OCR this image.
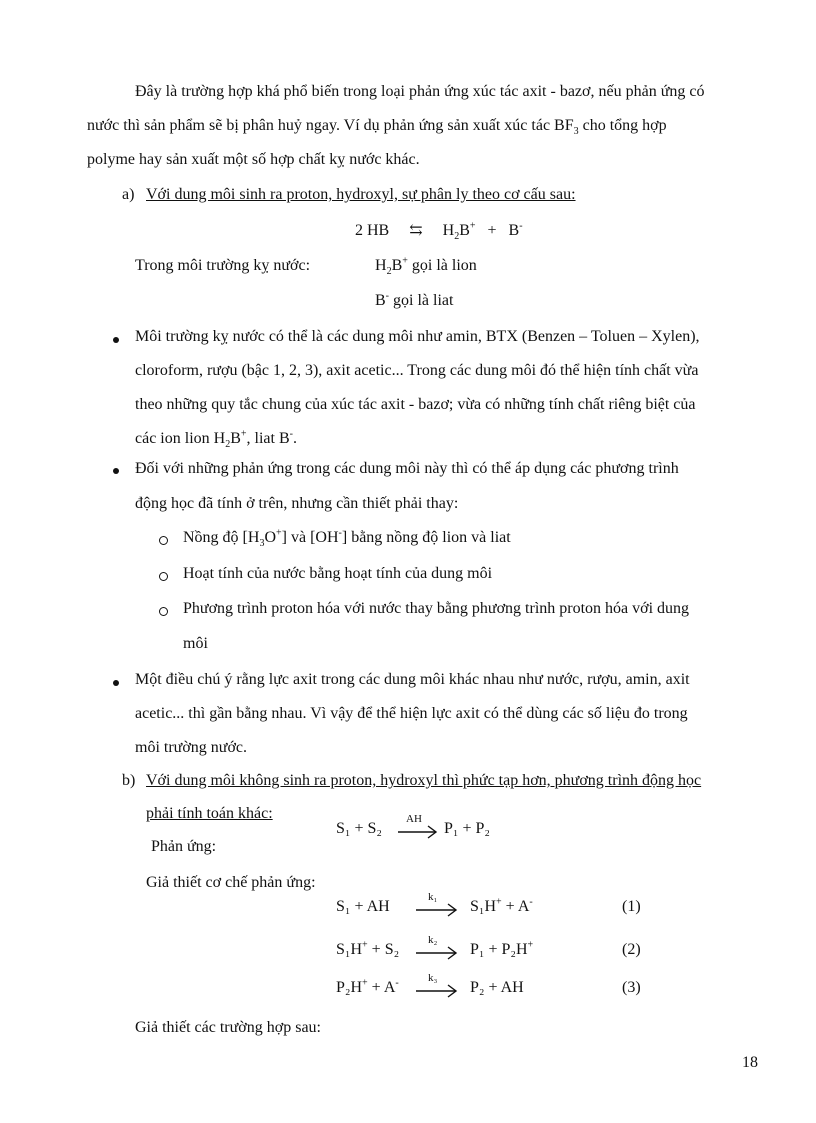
Đây là trường hợp khá phổ biến trong loại phản ứng xúc tác axit - bazơ, nếu phản ứng có
nước thì sản phẩm sẽ bị phân huỷ ngay. Ví dụ phản ứng sản xuất xúc tác $BF_3$ cho tổng hợp
polyme hay sản xuất một số hợp chất kỵ nước khác.
a) Với dung môi sinh ra proton, hydroxyl, sự phân ly theo cơ cấu sau:
2 HB ⇆ $H_2B^+ + B^-$
Trong môi trường kỵ nước:	$H_2B^+$ gọi là lion
B- gọi là liat
Môi trường kỵ nước có thể là các dung môi như amin, BTX (Benzen – Toluen – Xylen),
cloroform, rượu (bậc 1, 2, 3), axit acetic... Trong các dung môi đó thể hiện tính chất vừa
theo những quy tắc chung của xúc tác axit - bazơ; vừa có những tính chất riêng biệt của
các ion lion $H_2B^+$, liat B-.
Đối với những phản ứng trong các dung môi này thì có thể áp dụng các phương trình
động học đã tính ở trên, nhưng cần thiết phải thay:
Nồng độ $[H_3O^+]$ và [OH-] bằng nồng độ lion và liat
Hoạt tính của nước bằng hoạt tính của dung môi
Phương trình proton hóa với nước thay bằng phương trình proton hóa với dung
môi
Một điều chú ý rằng lực axit trong các dung môi khác nhau như nước, rượu, amin, axit
acetic... thì gần bằng nhau. Vì vậy để thể hiện lực axit có thể dùng các số liệu đo trong
môi trường nước.
b) Với dung môi không sinh ra proton, hydroxyl thì phức tạp hơn, phương trình động học
phải tính toán khác:
S₁ + S₂
AH
P₁ + P₂
Phản ứng:
Giả thiết cơ chế phản ứng:
S₁ + AH
k₁
S₁H+ + A-	(1)
S₁H+ + S₂
k₂
P₁ + P₂H+	(2)
P₂H+ + A-	k₃
P₂ + AH	(3)
Giả thiết các trường hợp sau:
18
